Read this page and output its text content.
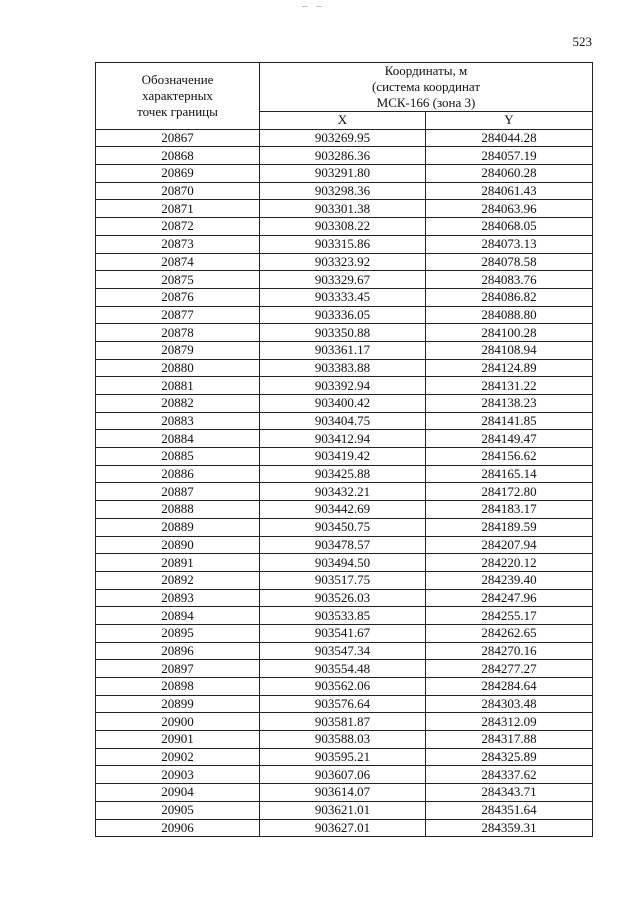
– –
523
Обозначение
характерных
точек границы	Координаты, м
(система координат
МСК-166 (зона 3)	

	X	Y
20867	903269.95	284044.28
20868	903286.36	284057.19
20869	903291.80	284060.28
20870	903298.36	284061.43
20871	903301.38	284063.96
20872	903308.22	284068.05
20873	903315.86	284073.13
20874	903323.92	284078.58
20875	903329.67	284083.76
20876	903333.45	284086.82
20877	903336.05	284088.80
20878	903350.88	284100.28
20879	903361.17	284108.94
20880	903383.88	284124.89
20881	903392.94	284131.22
20882	903400.42	284138.23
20883	903404.75	284141.85
20884	903412.94	284149.47
20885	903419.42	284156.62
20886	903425.88	284165.14
20887	903432.21	284172.80
20888	903442.69	284183.17
20889	903450.75	284189.59
20890	903478.57	284207.94
20891	903494.50	284220.12
20892	903517.75	284239.40
20893	903526.03	284247.96
20894	903533.85	284255.17
20895	903541.67	284262.65
20896	903547.34	284270.16
20897	903554.48	284277.27
20898	903562.06	284284.64
20899	903576.64	284303.48
20900	903581.87	284312.09
20901	903588.03	284317.88
20902	903595.21	284325.89
20903	903607.06	284337.62
20904	903614.07	284343.71
20905	903621.01	284351.64
20906	903627.01	284359.31
